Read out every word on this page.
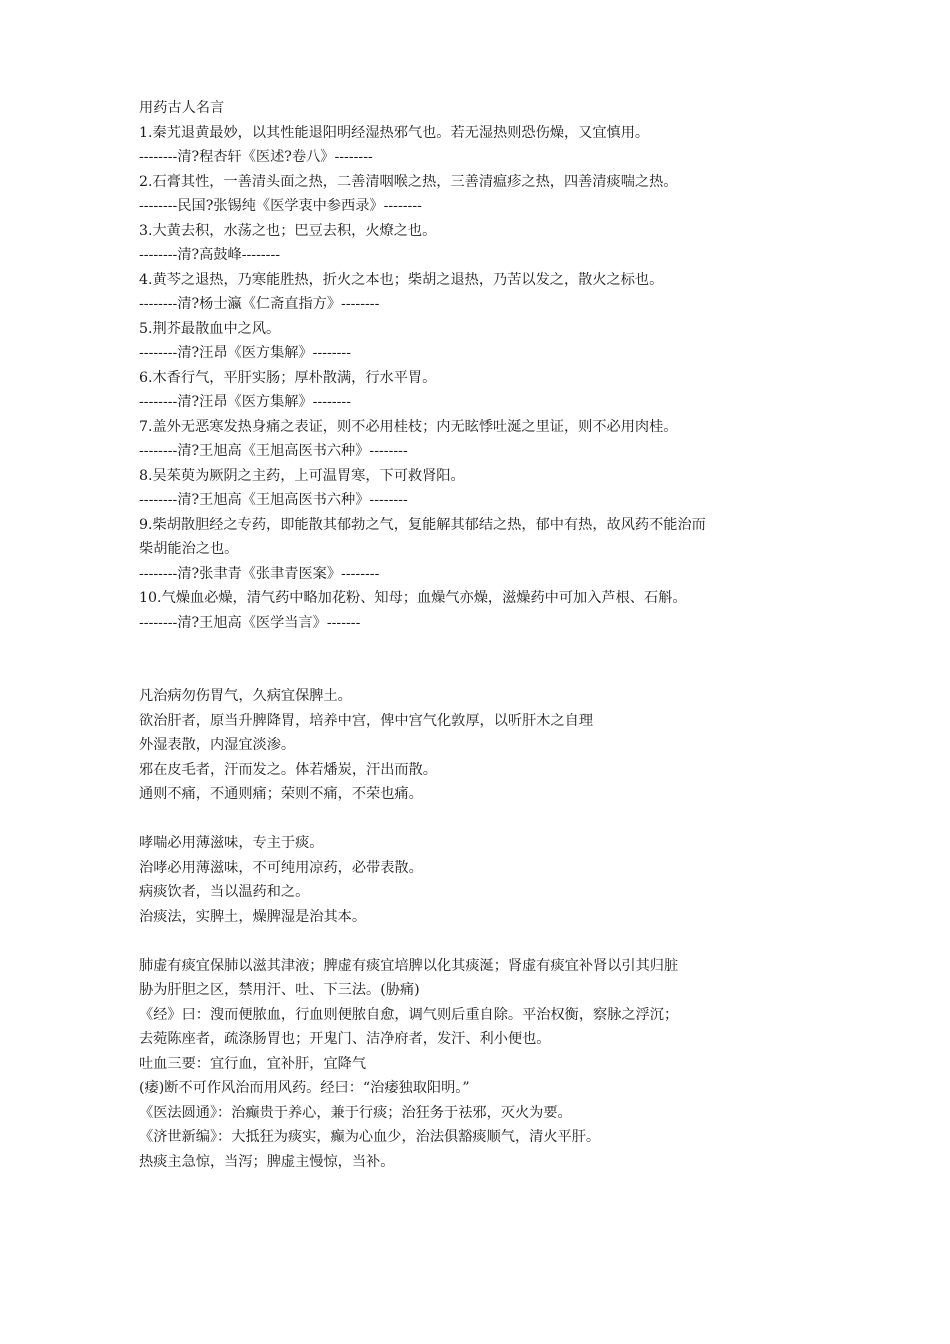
用药古人名言
1.秦艽退黄最妙，以其性能退阳明经湿热邪气也。若无湿热则恐伤燥，又宜慎用。
--------清?程杏轩《医述?卷八》--------
2.石膏其性，一善清头面之热，二善清咽喉之热，三善清瘟疹之热，四善清痰喘之热。
--------民国?张锡纯《医学衷中参西录》--------
3.大黄去积，水荡之也；巴豆去积，火燎之也。
--------清?高鼓峰--------
4.黄芩之退热，乃寒能胜热，折火之本也；柴胡之退热，乃苦以发之，散火之标也。
--------清?杨士瀛《仁斋直指方》--------
5.荆芥最散血中之风。
--------清?汪昂《医方集解》--------
6.木香行气，平肝实肠；厚朴散满，行水平胃。
--------清?汪昂《医方集解》--------
7.盖外无恶寒发热身痛之表证，则不必用桂枝；内无眩悸吐涎之里证，则不必用肉桂。
--------清?王旭高《王旭高医书六种》--------
8.吴茱萸为厥阴之主药，上可温胃寒，下可救肾阳。
--------清?王旭高《王旭高医书六种》--------
9.柴胡散胆经之专药，即能散其郁勃之气，复能解其郁结之热，郁中有热，故风药不能治而
柴胡能治之也。
--------清?张聿青《张聿青医案》--------
10.气燥血必燥，清气药中略加花粉、知母；血燥气亦燥，滋燥药中可加入芦根、石斛。
--------清?王旭高《医学当言》-------
凡治病勿伤胃气，久病宜保脾土。
欲治肝者，原当升脾降胃，培养中宫，俾中宫气化敦厚，以听肝木之自理
外湿表散，内湿宜淡渗。
邪在皮毛者，汗而发之。体若燔炭，汗出而散。
通则不痛，不通则痛；荣则不痛，不荣也痛。
哮喘必用薄滋味，专主于痰。
治哮必用薄滋味，不可纯用凉药，必带表散。
病痰饮者，当以温药和之。
治痰法，实脾土，燥脾湿是治其本。
肺虚有痰宜保肺以滋其津液；脾虚有痰宜培脾以化其痰涎；肾虚有痰宜补肾以引其归脏
胁为肝胆之区，禁用汗、吐、下三法。(胁痛)
《经》曰：溲而便脓血，行血则便脓自愈，调气则后重自除。平治权衡，察脉之浮沉；
去菀陈座者，疏涤肠胃也；开鬼门、洁净府者，发汗、利小便也。
吐血三要：宜行血，宜补肝，宜降气
(痿)断不可作风治而用风药。经曰：“治痿独取阳明。”
《医法圆通》：治癫贵于养心，兼于行痰；治狂务于祛邪，灭火为要。
《济世新编》：大抵狂为痰实，癫为心血少，治法俱豁痰顺气，清火平肝。
热痰主急惊，当泻；脾虚主慢惊，当补。
